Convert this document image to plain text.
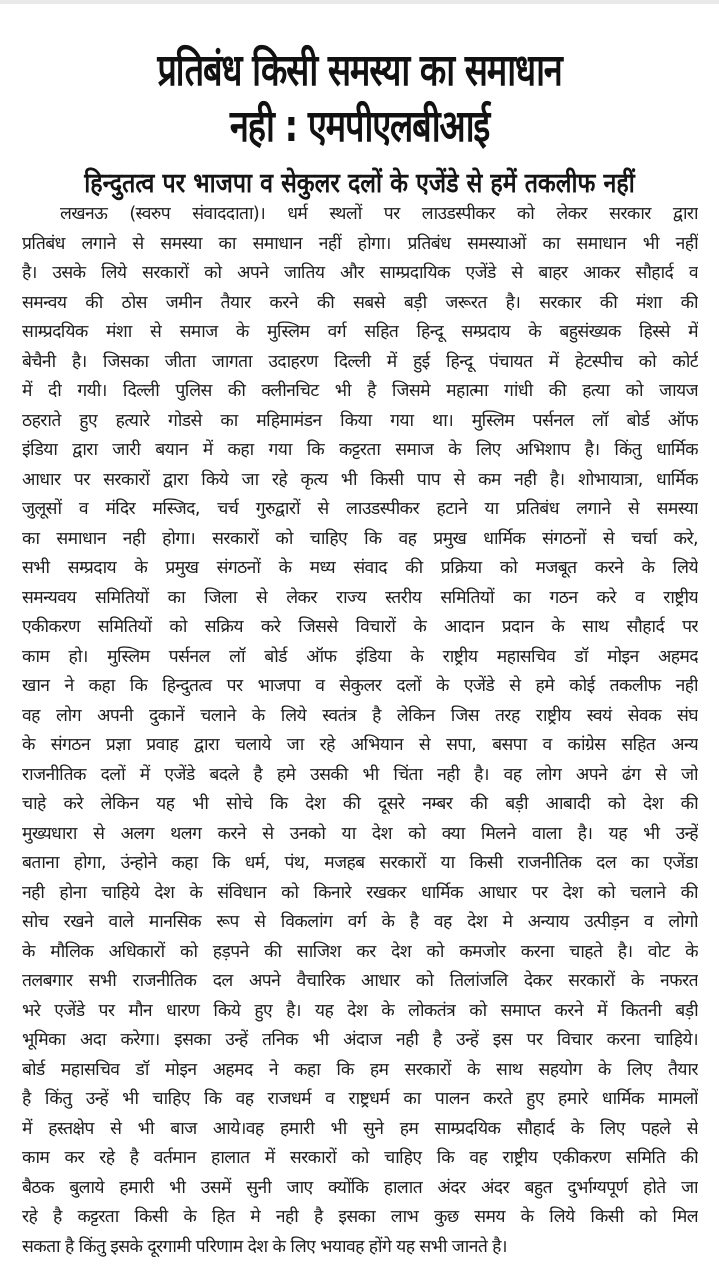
प्रतिबंध किसी समस्या का समाधान
नही : एमपीएलबीआई
हिन्दुतत्व पर भाजपा व सेकुलर दलों के एजेंडे से हमें तकलीफ नहीं
लखनऊ (स्वरुप संवाददाता)। धर्म स्थलों पर लाउडस्पीकर को लेकर सरकार द्वारा
प्रतिबंध लगाने से समस्या का समाधान नहीं होगा। प्रतिबंध समस्याओं का समाधान भी नहीं
है। उसके लिये सरकारों को अपने जातिय और साम्प्रदायिक एजेंडे से बाहर आकर सौहार्द व
समन्वय की ठोस जमीन तैयार करने की सबसे बड़ी जरूरत है। सरकार की मंशा की
साम्प्रदयिक मंशा से समाज के मुस्लिम वर्ग सहित हिन्दू सम्प्रदाय के बहुसंख्यक हिस्से में
बेचैनी है। जिसका जीता जागता उदाहरण दिल्ली में हुई हिन्दू पंचायत में हेटस्पीच को कोर्ट
में दी गयी। दिल्ली पुलिस की क्लीनचिट भी है जिसमे महात्मा गांधी की हत्या को जायज
ठहराते हुए हत्यारे गोडसे का महिमामंडन किया गया था। मुस्लिम पर्सनल लॉ बोर्ड ऑफ
इंडिया द्वारा जारी बयान में कहा गया कि कट्टरता समाज के लिए अभिशाप है। किंतु धार्मिक
आधार पर सरकारों द्वारा किये जा रहे कृत्य भी किसी पाप से कम नही है। शोभायात्रा, धार्मिक
जुलूसों व मंदिर मस्जिद, चर्च गुरुद्वारों से लाउडस्पीकर हटाने या प्रतिबंध लगाने से समस्या
का समाधान नही होगा। सरकारों को चाहिए कि वह प्रमुख धार्मिक संगठनों से चर्चा करे,
सभी सम्प्रदाय के प्रमुख संगठनों के मध्य संवाद की प्रक्रिया को मजबूत करने के लिये
समन्यवय समितियों का जिला से लेकर राज्य स्तरीय समितियों का गठन करे व राष्ट्रीय
एकीकरण समितियों को सक्रिय करे जिससे विचारों के आदान प्रदान के साथ सौहार्द पर
काम हो। मुस्लिम पर्सनल लॉ बोर्ड ऑफ इंडिया के राष्ट्रीय महासचिव डॉ मोइन अहमद
खान ने कहा कि हिन्दुतत्व पर भाजपा व सेकुलर दलों के एजेंडे से हमे कोई तकलीफ नही
वह लोग अपनी दुकानें चलाने के लिये स्वतंत्र है लेकिन जिस तरह राष्ट्रीय स्वयं सेवक संघ
के संगठन प्रज्ञा प्रवाह द्वारा चलाये जा रहे अभियान से सपा, बसपा व कांग्रेस सहित अन्य
राजनीतिक दलों में एजेंडे बदले है हमे उसकी भी चिंता नही है। वह लोग अपने ढंग से जो
चाहे करे लेकिन यह भी सोचे कि देश की दूसरे नम्बर की बड़ी आबादी को देश की
मुख्यधारा से अलग थलग करने से उनको या देश को क्या मिलने वाला है। यह भी उन्हें
बताना होगा, उंन्होने कहा कि धर्म, पंथ, मजहब सरकारों या किसी राजनीतिक दल का एजेंडा
नही होना चाहिये देश के संविधान को किनारे रखकर धार्मिक आधार पर देश को चलाने की
सोच रखने वाले मानसिक रूप से विकलांग वर्ग के है वह देश मे अन्याय उत्पीड़न व लोगो
के मौलिक अधिकारों को हड़पने की साजिश कर देश को कमजोर करना चाहते है। वोट के
तलबगार सभी राजनीतिक दल अपने वैचारिक आधार को तिलांजलि देकर सरकारों के नफरत
भरे एजेंडे पर मौन धारण किये हुए है। यह देश के लोकतंत्र को समाप्त करने में कितनी बड़ी
भूमिका अदा करेगा। इसका उन्हें तनिक भी अंदाज नही है उन्हें इस पर विचार करना चाहिये।
बोर्ड महासचिव डॉ मोइन अहमद ने कहा कि हम सरकारों के साथ सहयोग के लिए तैयार
है किंतु उन्हें भी चाहिए कि वह राजधर्म व राष्ट्रधर्म का पालन करते हुए हमारे धार्मिक मामलों
में हस्तक्षेप से भी बाज आये।वह हमारी भी सुने हम साम्प्रदयिक सौहार्द के लिए पहले से
काम कर रहे है वर्तमान हालात में सरकारों को चाहिए कि वह राष्ट्रीय एकीकरण समिति की
बैठक बुलाये हमारी भी उसमें सुनी जाए क्योंकि हालात अंदर अंदर बहुत दुर्भाग्यपूर्ण होते जा
रहे है कट्टरता किसी के हित मे नही है इसका लाभ कुछ समय के लिये किसी को मिल
सकता है किंतु इसके दूरगामी परिणाम देश के लिए भयावह होंगे यह सभी जानते है।
